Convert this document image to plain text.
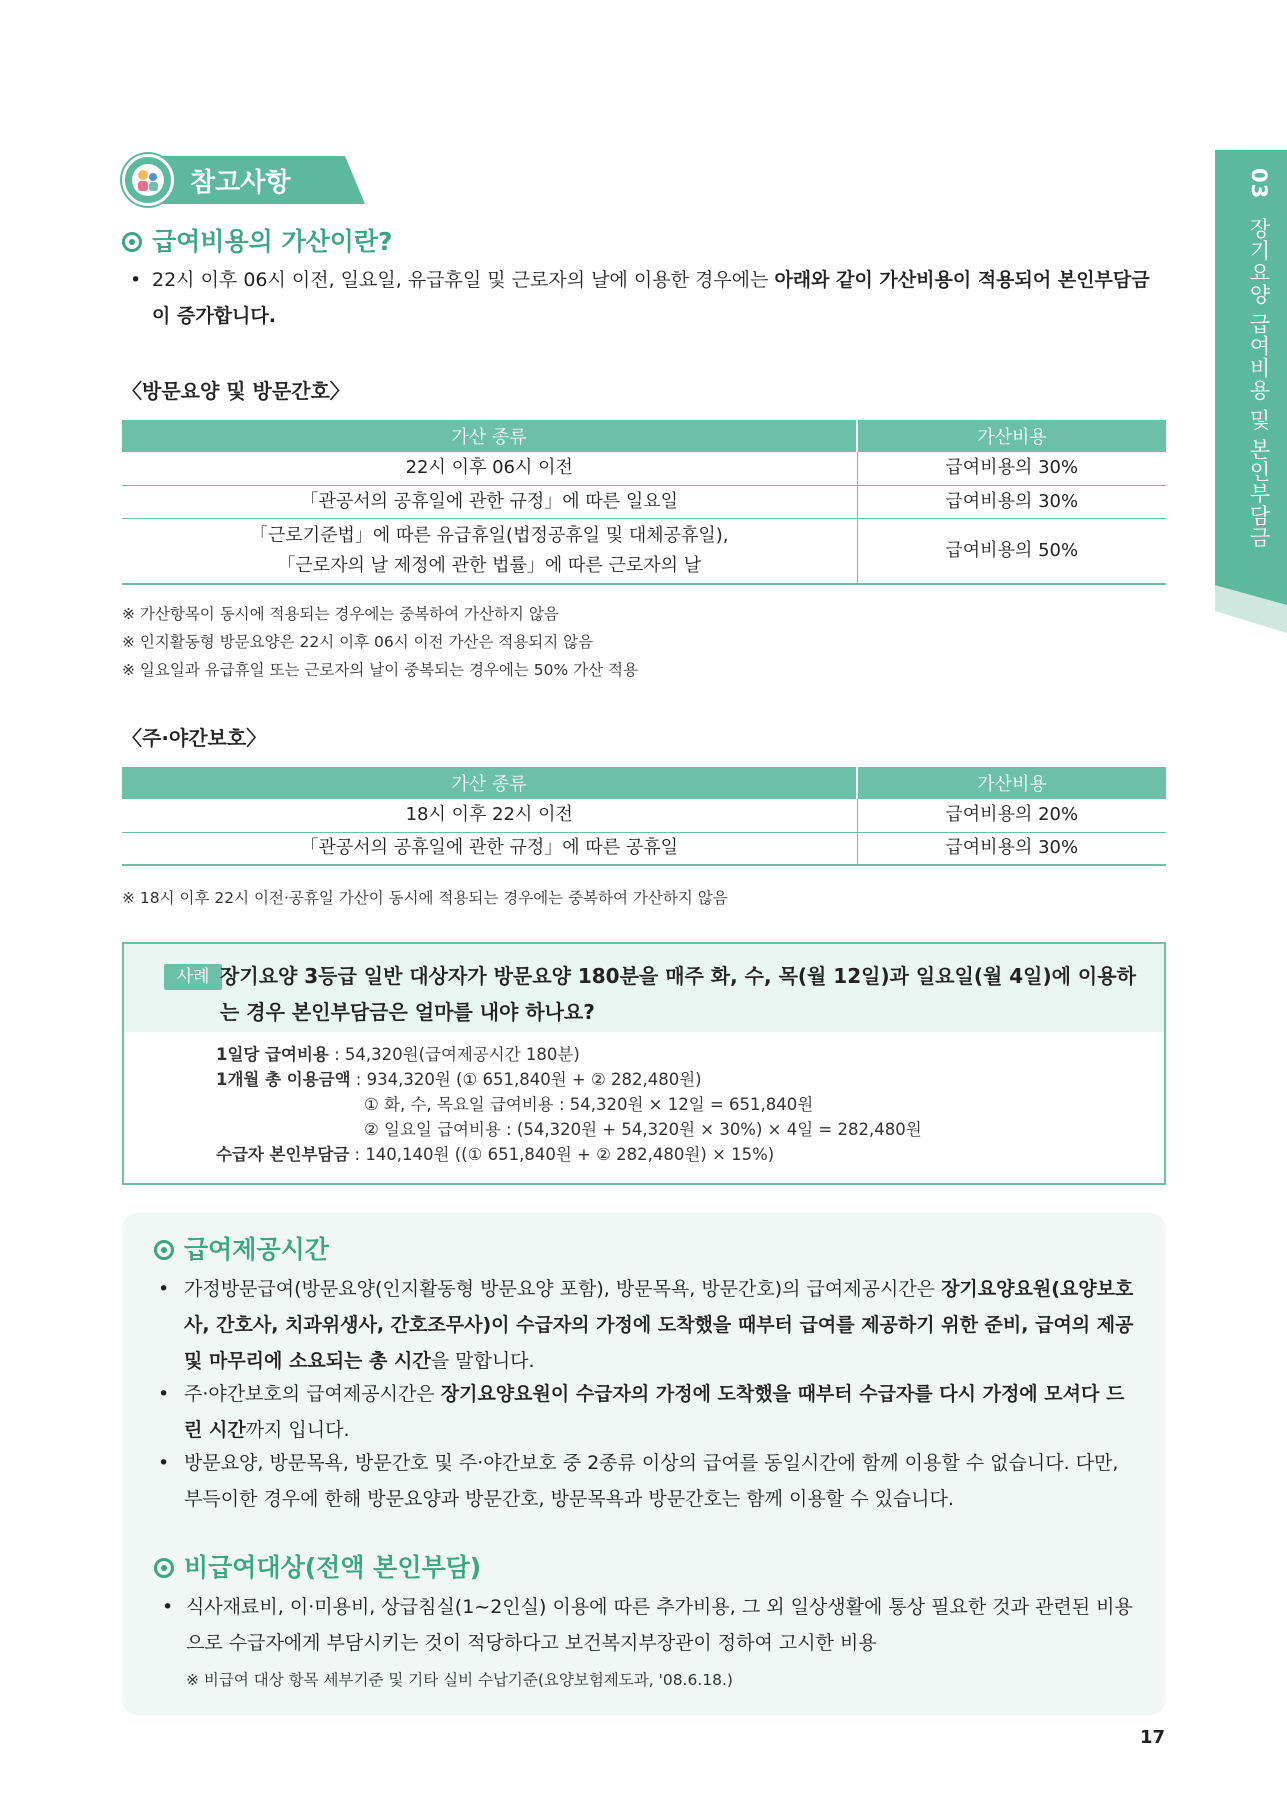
03 장기요양 급여비용 및 본인부담금
참고사항
급여비용의 가산이란?
• 22시 이후 06시 이전, 일요일, 유급휴일 및 근로자의 날에 이용한 경우에는 아래와 같이 가산비용이 적용되어 본인부담금이 증가합니다.
〈방문요양 및 방문간호〉
가산 종류	가산비용
22시 이후 06시 이전	급여비용의 30%
「관공서의 공휴일에 관한 규정」에 따른 일요일	급여비용의 30%

「근로기준법」에 따른 유급휴일(법정공휴일 및 대체공휴일),
「근로자의 날 제정에 관한 법률」에 따른 근로자의 날	급여비용의 50%
※ 가산항목이 동시에 적용되는 경우에는 중복하여 가산하지 않음
※ 인지활동형 방문요양은 22시 이후 06시 이전 가산은 적용되지 않음
※ 일요일과 유급휴일 또는 근로자의 날이 중복되는 경우에는 50% 가산 적용
〈주·야간보호〉
가산 종류	가산비용
18시 이후 22시 이전	급여비용의 20%
「관공서의 공휴일에 관한 규정」에 따른 공휴일	급여비용의 30%
※ 18시 이후 22시 이전·공휴일 가산이 동시에 적용되는 경우에는 중복하여 가산하지 않음
사례 장기요양 3등급 일반 대상자가 방문요양 180분을 매주 화, 수, 목(월 12일)과 일요일(월 4일)에 이용하는 경우 본인부담금은 얼마를 내야 하나요?
1일당 급여비용 : 54,320원(급여제공시간 180분)
1개월 총 이용금액 : 934,320원 (① 651,840원 + ② 282,480원)
① 화, 수, 목요일 급여비용 : 54,320원 × 12일 = 651,840원
② 일요일 급여비용 : (54,320원 + 54,320원 × 30%) × 4일 = 282,480원
수급자 본인부담금 : 140,140원 ((① 651,840원 + ② 282,480원) × 15%)
급여제공시간
• 가정방문급여(방문요양(인지활동형 방문요양 포함), 방문목욕, 방문간호)의 급여제공시간은 장기요양요원(요양보호사, 간호사, 치과위생사, 간호조무사)이 수급자의 가정에 도착했을 때부터 급여를 제공하기 위한 준비, 급여의 제공 및 마무리에 소요되는 총 시간을 말합니다.
• 주·야간보호의 급여제공시간은 장기요양요원이 수급자의 가정에 도착했을 때부터 수급자를 다시 가정에 모셔다 드린 시간까지 입니다.
• 방문요양, 방문목욕, 방문간호 및 주·야간보호 중 2종류 이상의 급여를 동일시간에 함께 이용할 수 없습니다. 다만, 부득이한 경우에 한해 방문요양과 방문간호, 방문목욕과 방문간호는 함께 이용할 수 있습니다.
비급여대상(전액 본인부담)
• 식사재료비, 이·미용비, 상급침실(1~2인실) 이용에 따른 추가비용, 그 외 일상생활에 통상 필요한 것과 관련된 비용으로 수급자에게 부담시키는 것이 적당하다고 보건복지부장관이 정하여 고시한 비용
※ 비급여 대상 항목 세부기준 및 기타 실비 수납기준(요양보험제도과, '08.6.18.)
17
